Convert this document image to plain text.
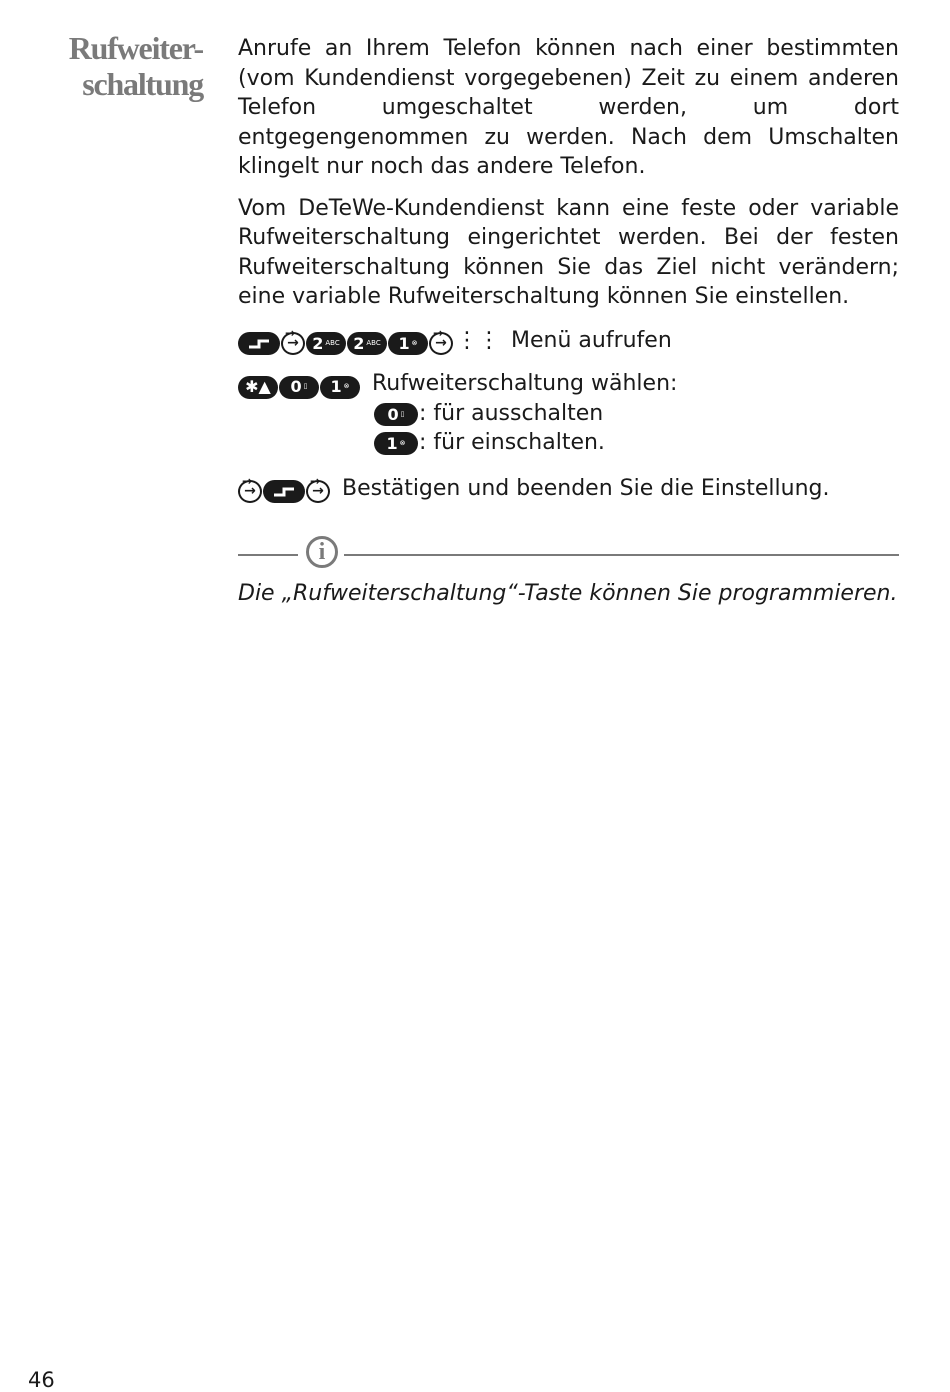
Rufweiter-
schaltung

Anrufe an Ihrem Telefon können nach einer bestimmten (vom Kundendienst vorgegebenen) Zeit zu einem anderen Telefon umgeschaltet werden, um dort entgegengenommen zu werden. Nach dem Umschalten klingelt nur noch das andere Telefon.

Vom DeTeWe-Kundendienst kann eine feste oder variable Rufweiterschaltung eingerichtet werden. Bei der festen Rufweiterschaltung können Sie das Ziel nicht verändern; eine variable Rufweiterschaltung können Sie einstellen.

→ → 2 ABC 2 ABC 1 ⊗	→ → ⋮⋮ Menü aufrufen
✱▲	0 ▯ 1 ⊗ Rufweiterschaltung wählen:
0 ▯ : für ausschalten
1 ⊗ : für einschalten.
→ →	→ → Bestätigen und beenden Sie die Einstellung.
i
Die „Rufweiterschaltung“-Taste können Sie programmieren.
46
